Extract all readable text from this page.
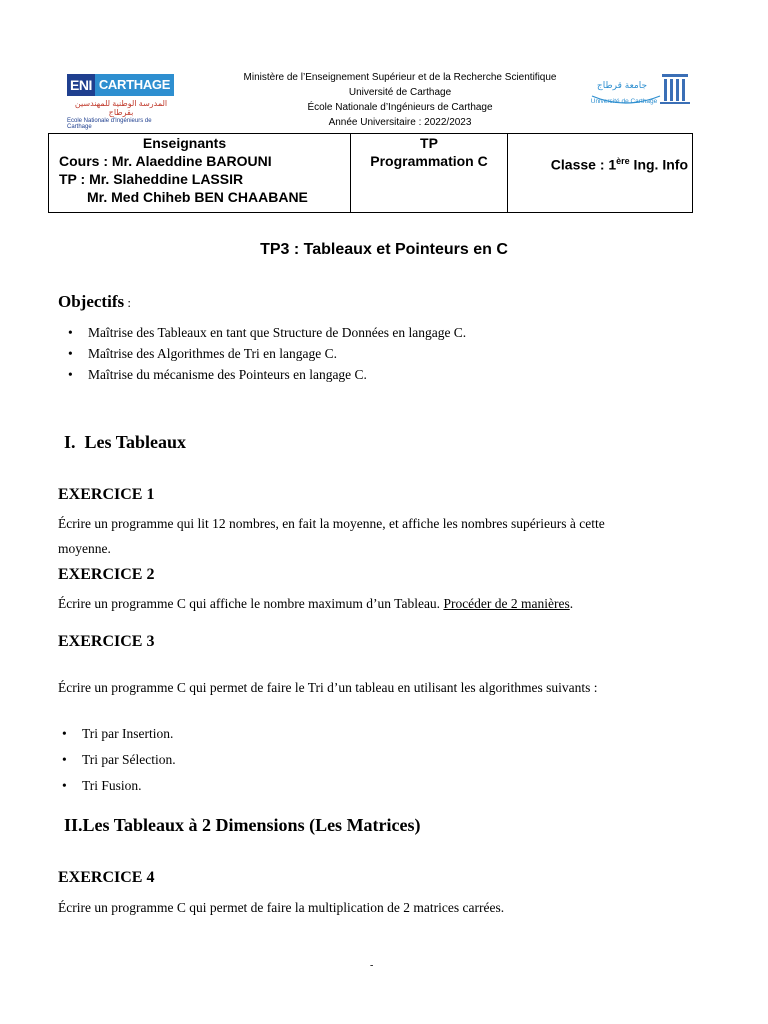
ENI CARTHAGE
المدرسة الوطنية للمهندسين بقرطاج
Ecole Nationale d'Ingénieurs de Carthage
Ministère de l’Enseignement Supérieur et de la Recherche Scientifique
Université de Carthage
École Nationale d’Ingénieurs de Carthage
Année Universitaire : 2022/2023
جامعة قرطاج
Université de Carthage
Enseignants
Cours : Mr. Alaeddine BAROUNI
TP : Mr. Slaheddine LASSIR
Mr. Med Chiheb BEN CHAABANE
TP
Programmation C	Classe : 1ère Ing. Info
TP3 : Tableaux et Pointeurs en C
Objectifs :
• Maîtrise des Tableaux en tant que Structure de Données en langage C.
• Maîtrise des Algorithmes de Tri en langage C.
• Maîtrise du mécanisme des Pointeurs en langage C.
I. Les Tableaux
EXERCICE 1
Écrire un programme qui lit 12 nombres, en fait la moyenne, et affiche les nombres supérieurs à cette
moyenne.
EXERCICE 2
Écrire un programme C qui affiche le nombre maximum d’un Tableau. Procéder de 2 manières.
EXERCICE 3
Écrire un programme C qui permet de faire le Tri d’un tableau en utilisant les algorithmes suivants :
• Tri par Insertion.
• Tri par Sélection.
• Tri Fusion.
II.Les Tableaux à 2 Dimensions (Les Matrices)
EXERCICE 4
Écrire un programme C qui permet de faire la multiplication de 2 matrices carrées.
-
